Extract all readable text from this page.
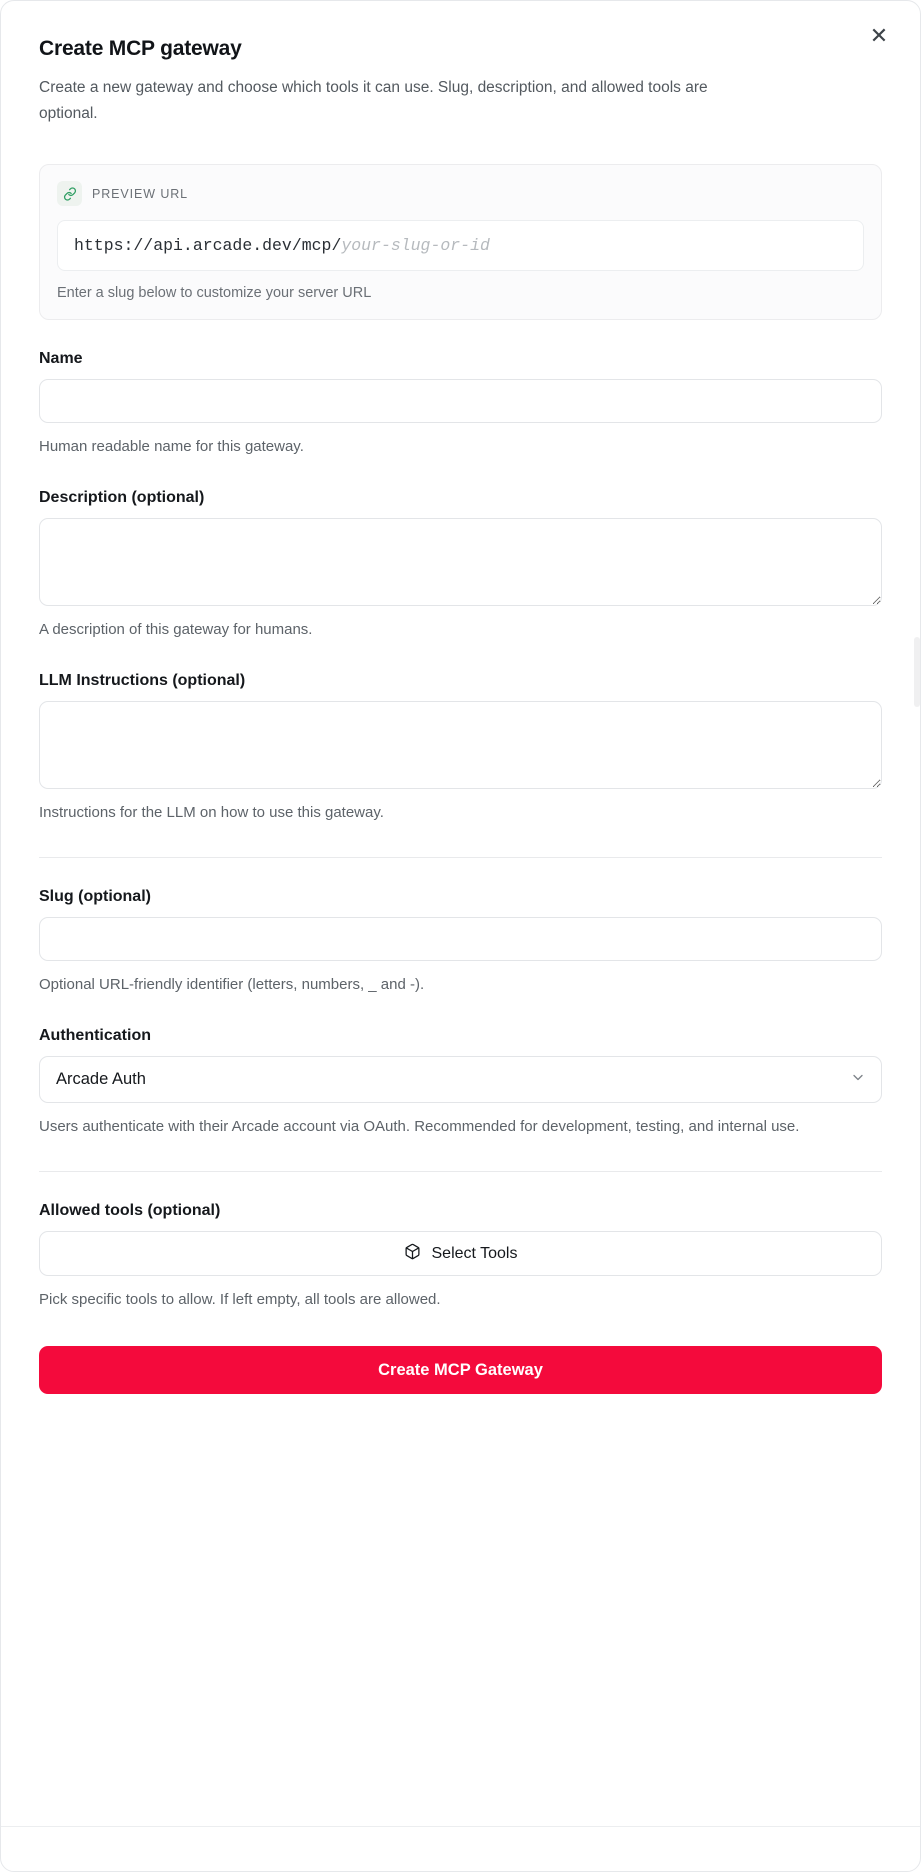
✕
Create MCP gateway

Create a new gateway and choose which tools it can use. Slug, description, and allowed tools are optional.

PREVIEW URL
https://api.arcade.dev/mcp/your-slug-or-id
Enter a slug below to customize your server URL
Name
Human readable name for this gateway.
Description (optional)
A description of this gateway for humans.
LLM Instructions (optional)
Instructions for the LLM on how to use this gateway.
Slug (optional)
Optional URL-friendly identifier (letters, numbers, _ and -).
Authentication
Arcade Auth
Users authenticate with their Arcade account via OAuth. Recommended for development, testing, and internal use.
Allowed tools (optional)
Select Tools
Pick specific tools to allow. If left empty, all tools are allowed.
Create MCP Gateway
